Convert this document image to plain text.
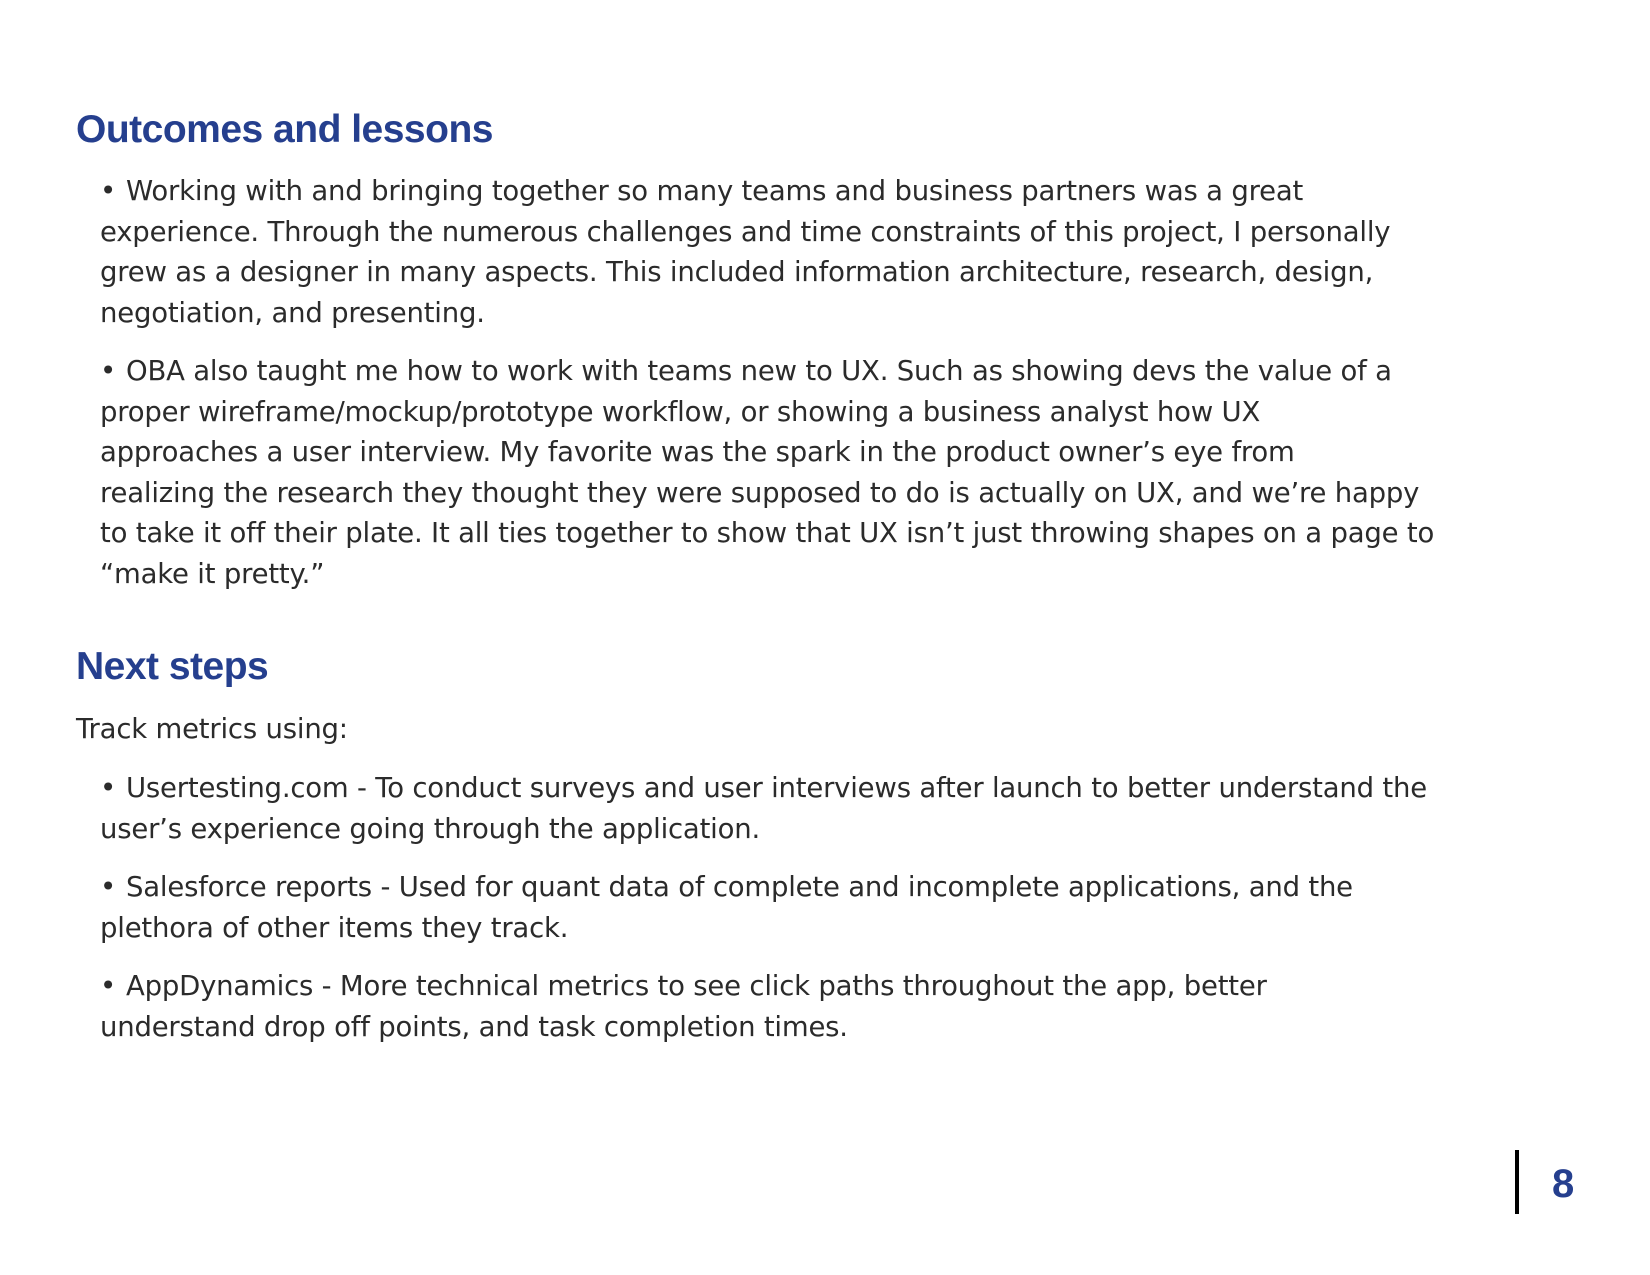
Outcomes and lessons

• Working with and bringing together so many teams and business partners was a great
experience. Through the numerous challenges and time constraints of this project, I personally
grew as a designer in many aspects. This included information architecture, research, design,
negotiation, and presenting.

• OBA also taught me how to work with teams new to UX. Such as showing devs the value of a
proper wireframe/mockup/prototype workflow, or showing a business analyst how UX
approaches a user interview. My favorite was the spark in the product owner’s eye from
realizing the research they thought they were supposed to do is actually on UX, and we’re happy
to take it off their plate. It all ties together to show that UX isn’t just throwing shapes on a page to
“make it pretty.”

Next steps

Track metrics using:

• Usertesting.com - To conduct surveys and user interviews after launch to better understand the
user’s experience going through the application.

• Salesforce reports - Used for quant data of complete and incomplete applications, and the
plethora of other items they track.

• AppDynamics - More technical metrics to see click paths throughout the app, better
understand drop off points, and task completion times.

8
